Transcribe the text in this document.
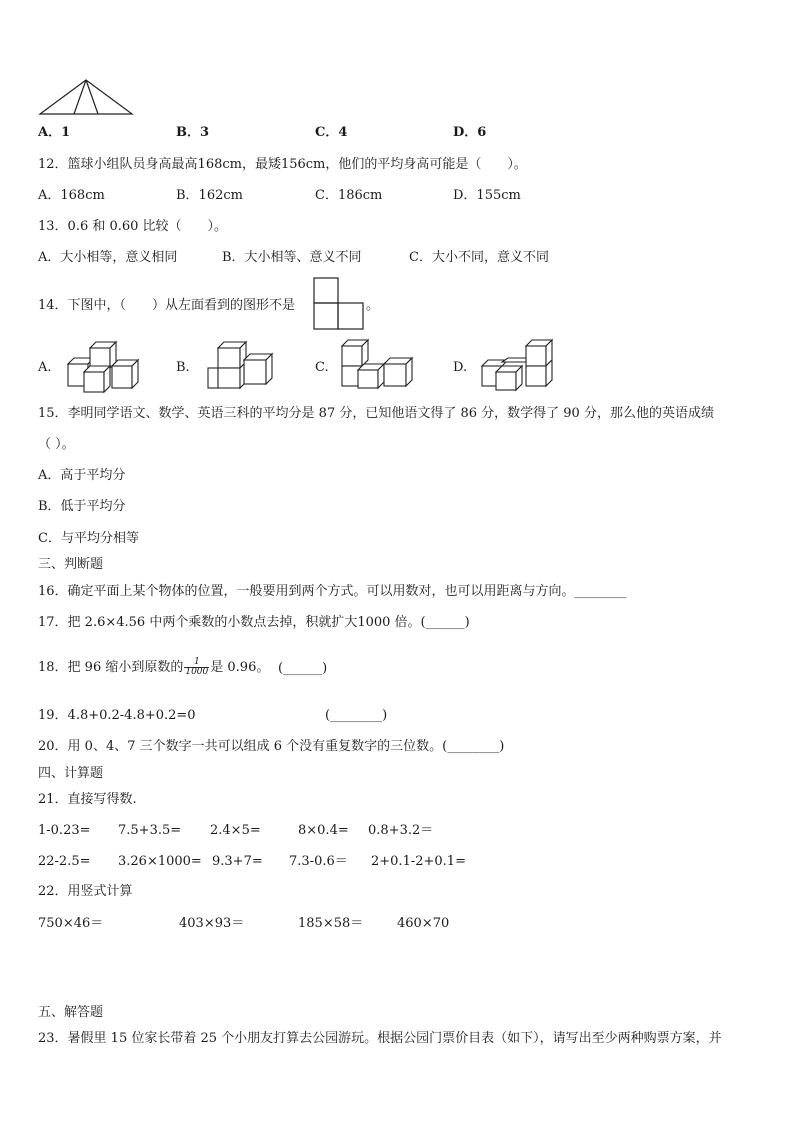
A．1	B．3	C．4	D．6
12．篮球小组队员身高最高168cm，最矮156cm，他们的平均身高可能是（　　）。
A．168cm	B．162cm	C．186cm	D．155cm
13．0.6 和 0.60 比较（　　）。
A．大小相等，意义相同	B．大小相等、意义不同	C．大小不同，意义不同
14．下图中，（　　）从左面看到的图形不是	。
A.	B.	C.	D.
15．李明同学语文、数学、英语三科的平均分是 87 分，已知他语文得了 86 分，数学得了 90 分，那么他的英语成绩
（ ）。
A．高于平均分
B．低于平均分
C．与平均分相等
三、判断题
16．确定平面上某个物体的位置，一般要用到两个方式。可以用数对，也可以用距离与方向。________
17．把 2.6×4.56 中两个乘数的小数点去掉，积就扩大1000 倍。(______)
18．把 96 缩小到原数的 $\frac{1}{1000}$ 是 0.96。 (______)
19．4.8+0.2-4.8+0.2=0	(________)
20．用 0、4、7 三个数字一共可以组成 6 个没有重复数字的三位数。(________)
四、计算题
21．直接写得数.
1-0.23= 7.5+3.5= 2.4×5=	8×0.4= 0.8+3.2＝
22-2.5= 3.26×1000= 9.3+7= 7.3-0.6＝ 2+0.1-2+0.1=
22．用竖式计算
750×46＝	403×93＝	185×58＝	460×70
五、解答题
23．暑假里 15 位家长带着 25 个小朋友打算去公园游玩。根据公园门票价目表（如下），请写出至少两种购票方案，并
